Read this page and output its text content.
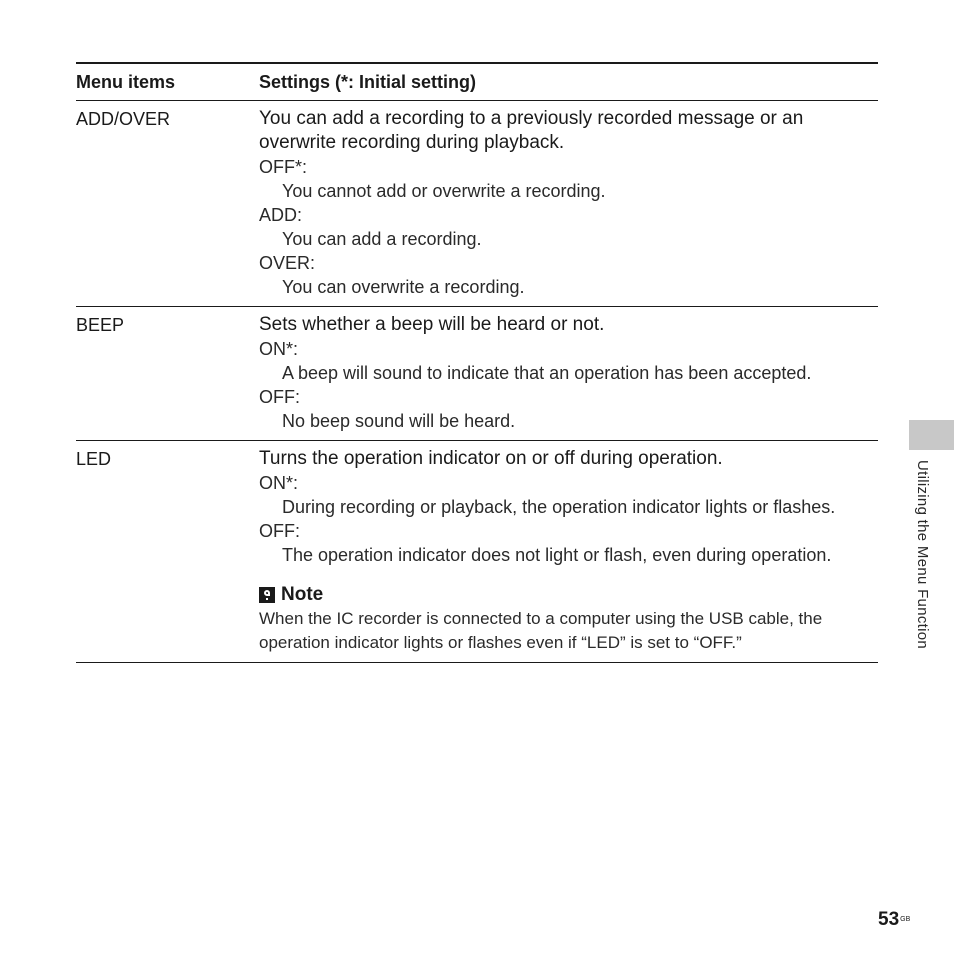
Menu items	Settings (*: Initial setting)
ADD/OVER	You can add a recording to a previously recorded message or an overwrite recording during playback.
OFF*:
You cannot add or overwrite a recording.
ADD:
You can add a recording.
OVER:
You can overwrite a recording.
BEEP	Sets whether a beep will be heard or not.
ON*:
A beep will sound to indicate that an operation has been accepted.
OFF:
No beep sound will be heard.
LED	Turns the operation indicator on or off during operation.
ON*:
During recording or playback, the operation indicator lights or flashes.
OFF:
The operation indicator does not light or flash, even during operation.
Note
When the IC recorder is connected to a computer using the USB cable, the operation indicator lights or flashes even if “LED” is set to “OFF.”	Utilizing the Menu Function
$53^{GB}$
